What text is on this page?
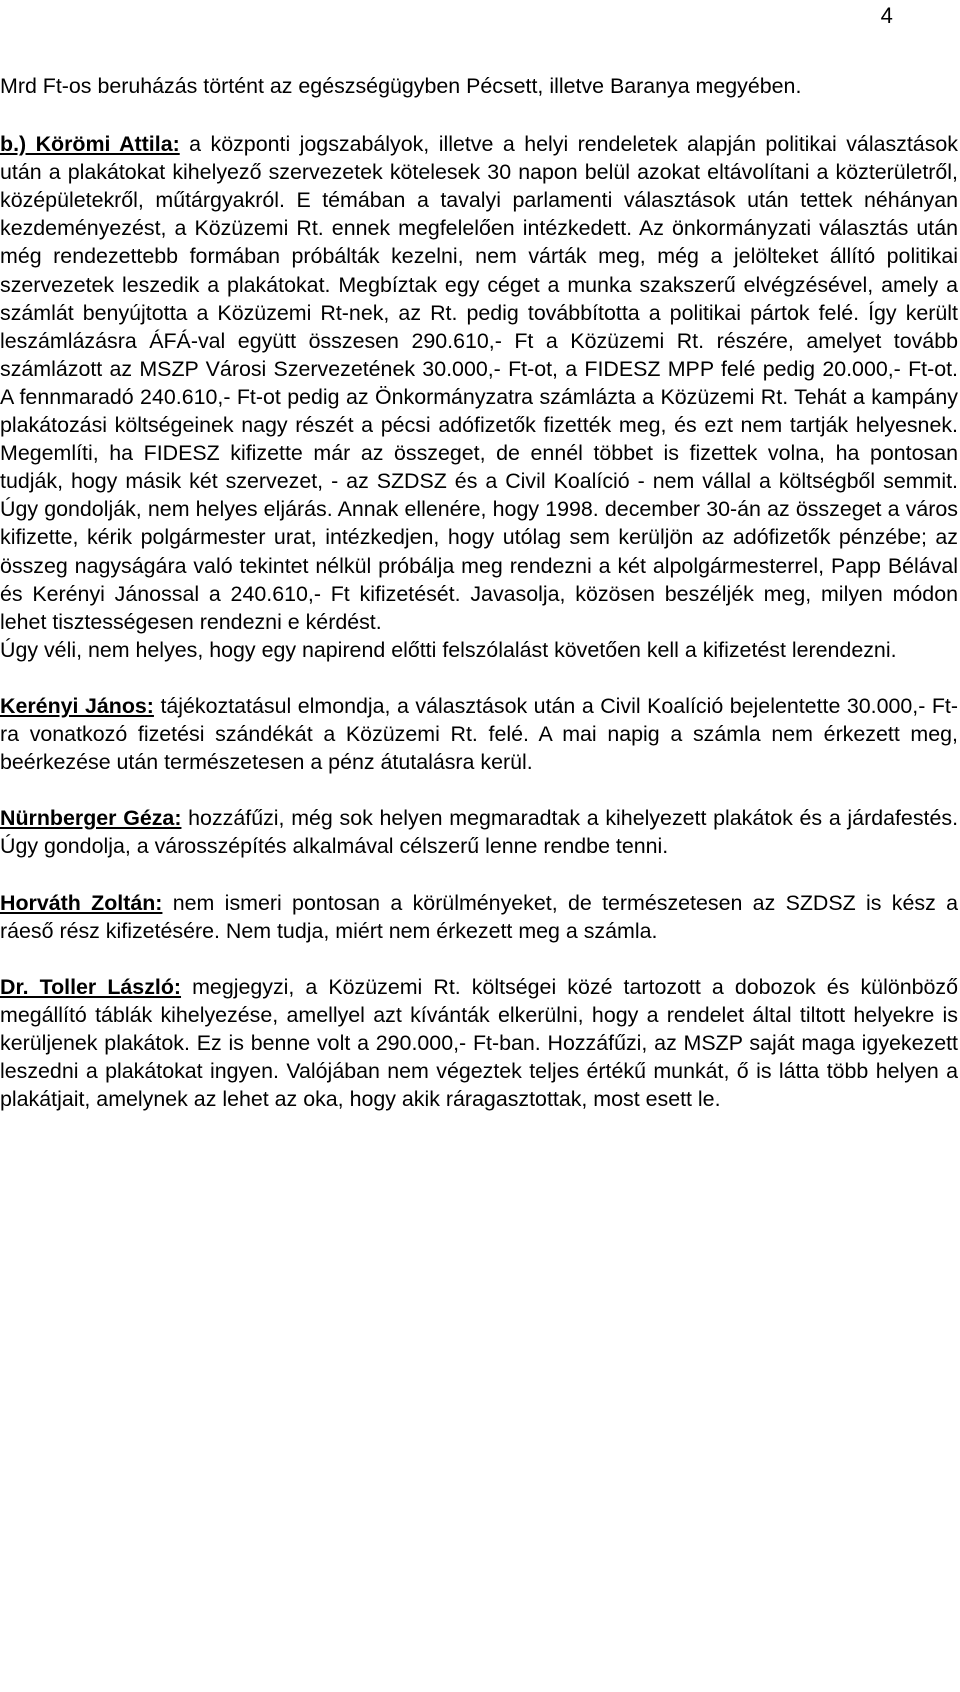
4

Mrd Ft-os beruházás történt az egészségügyben Pécsett, illetve Baranya megyében.

b.) Körömi Attila: a központi jogszabályok, illetve a helyi rendeletek alapján politikai választások után a plakátokat kihelyező szervezetek kötelesek 30 napon belül azokat eltávolítani a közterületről, középületekről, műtárgyakról. E témában a tavalyi parlamenti választások után tettek néhányan kezdeményezést, a Közüzemi Rt. ennek megfelelően intézkedett. Az önkormányzati választás után még rendezettebb formában próbálták kezelni, nem várták meg, még a jelölteket állító politikai szervezetek leszedik a plakátokat. Megbíztak egy céget a munka szakszerű elvégzésével, amely a számlát benyújtotta a Közüzemi Rt-nek, az Rt. pedig továbbította a politikai pártok felé. Így került leszámlázásra ÁFÁ-val együtt összesen 290.610,- Ft a Közüzemi Rt. részére, amelyet tovább számlázott az MSZP Városi Szervezetének 30.000,- Ft-ot, a FIDESZ MPP felé pedig 20.000,- Ft-ot. A fennmaradó 240.610,- Ft-ot pedig az Önkormányzatra számlázta a Közüzemi Rt. Tehát a kampány plakátozási költségeinek nagy részét a pécsi adófizetők fizették meg, és ezt nem tartják helyesnek. Megemlíti, ha FIDESZ kifizette már az összeget, de ennél többet is fizettek volna, ha pontosan tudják, hogy másik két szervezet, - az SZDSZ és a Civil Koalíció - nem vállal a költségből semmit. Úgy gondolják, nem helyes eljárás. Annak ellenére, hogy 1998. december 30-án az összeget a város kifizette, kérik polgármester urat, intézkedjen, hogy utólag sem kerüljön az adófizetők pénzébe; az összeg nagyságára való tekintet nélkül próbálja meg rendezni a két alpolgármesterrel, Papp Bélával és Kerényi Jánossal a 240.610,- Ft kifizetését. Javasolja, közösen beszéljék meg, milyen módon lehet tisztességesen rendezni e kérdést.

Úgy véli, nem helyes, hogy egy napirend előtti felszólalást követően kell a kifizetést lerendezni.

Kerényi János: tájékoztatásul elmondja, a választások után a Civil Koalíció bejelentette 30.000,- Ft-ra vonatkozó fizetési szándékát a Közüzemi Rt. felé. A mai napig a számla nem érkezett meg, beérkezése után természetesen a pénz átutalásra kerül.

Nürnberger Géza: hozzáfűzi, még sok helyen megmaradtak a kihelyezett plakátok és a járdafestés. Úgy gondolja, a városszépítés alkalmával célszerű lenne rendbe tenni.

Horváth Zoltán: nem ismeri pontosan a körülményeket, de természetesen az SZDSZ is kész a ráeső rész kifizetésére. Nem tudja, miért nem érkezett meg a számla.

Dr. Toller László: megjegyzi, a Közüzemi Rt. költségei közé tartozott a dobozok és különböző megállító táblák kihelyezése, amellyel azt kívánták elkerülni, hogy a rendelet által tiltott helyekre is kerüljenek plakátok. Ez is benne volt a 290.000,- Ft-ban. Hozzáfűzi, az MSZP saját maga igyekezett leszedni a plakátokat ingyen. Valójában nem végeztek teljes értékű munkát, ő is látta több helyen a plakátjait, amelynek az lehet az oka, hogy akik ráragasztottak, most esett le.
